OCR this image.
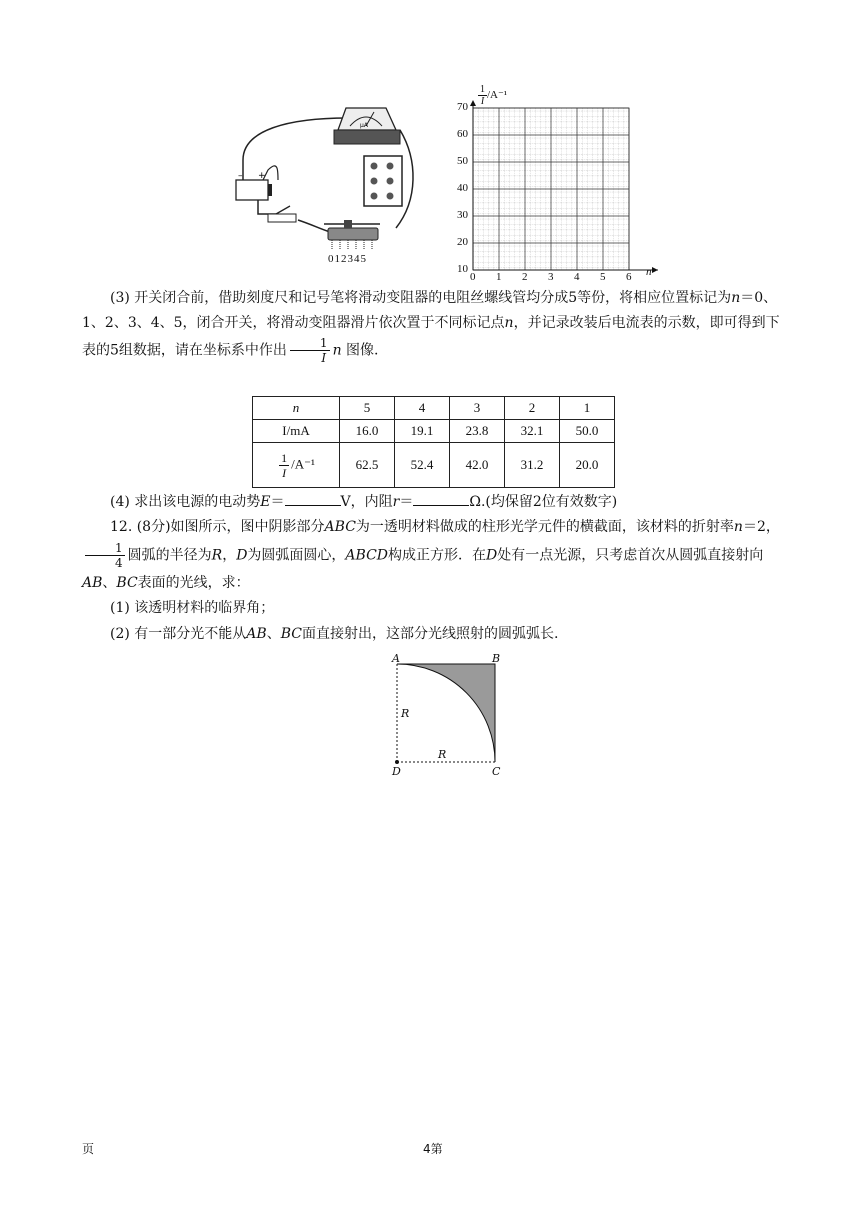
μA
– +
012345
$\frac{1}{I} /A^{-1}$
70
60
50
40
30
20
10
0 1 2 3 4 5 6 n
(3) 开关闭合前，借助刻度尺和记号笔将滑动变阻器的电阻丝螺线管均分成5等份，将相应位置标记为n＝0、1、2、3、4、5，闭合开关，将滑动变阻器滑片依次置于不同标记点n，并记录改装后电流表的示数，即可得到下表的5组数据，请在坐标系中作出 $\frac{1}{I}$ n 图像.
n	5	4	3	2	1
I/mA	16.0	19.1	23.8	32.1	50.0

$\frac{1}{I} /A^{-1}$	62.5	52.4	42.0	31.2	20.0
(4) 求出该电源的电动势E＝	V，内阻r＝	Ω.(均保留2位有效数字)
12. (8分)如图所示，图中阴影部分ABC为一透明材料做成的柱形光学元件的横截面，该材料的折射率n＝2，
$\frac{1}{4}$ 圆弧的半径为R，D为圆弧面圆心，ABCD构成正方形．在D处有一点光源，只考虑首次从圆弧直接射向AB、BC表面的光线，求：
(1) 该透明材料的临界角；
(2) 有一部分光不能从AB、BC面直接射出，这部分光线照射的圆弧弧长.
A	B
C
D
R
R
页	4第
